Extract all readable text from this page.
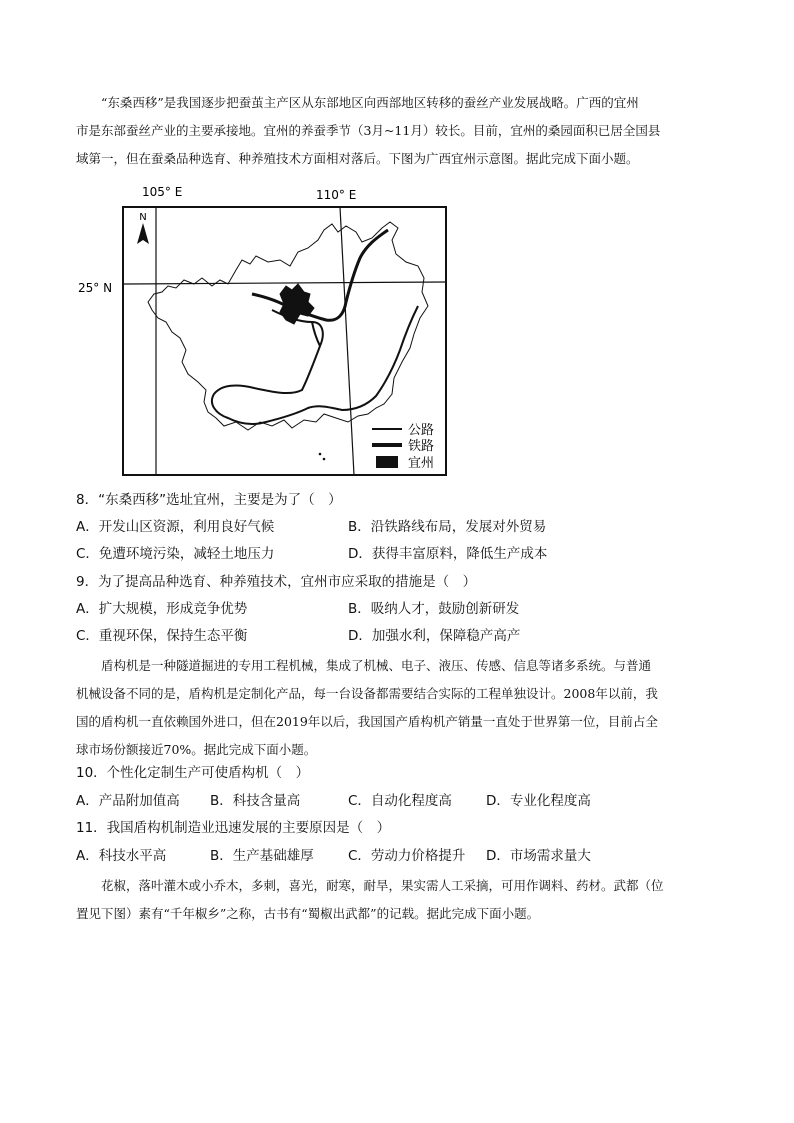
“东桑西移”是我国逐步把蚕茧主产区从东部地区向西部地区转移的蚕丝产业发展战略。广西的宜州
市是东部蚕丝产业的主要承接地。宜州的养蚕季节（3月~11月）较长。目前，宜州的桑园面积已居全国县
域第一，但在蚕桑品种选育、种养殖技术方面相对落后。下图为广西宜州示意图。据此完成下面小题。
N
105° E	110° E
25° N
公路
铁路
宜州
8．“东桑西移”选址宜州，主要是为了（　）
A．开发山区资源，利用良好气候	B．沿铁路线布局，发展对外贸易
C．免遭环境污染，减轻土地压力	D．获得丰富原料，降低生产成本
9．为了提高品种选育、种养殖技术，宜州市应采取的措施是（　）
A．扩大规模，形成竞争优势	B．吸纳人才，鼓励创新研发
C．重视环保，保持生态平衡	D．加强水利，保障稳产高产
盾构机是一种隧道掘进的专用工程机械，集成了机械、电子、液压、传感、信息等诸多系统。与普通
机械设备不同的是，盾构机是定制化产品，每一台设备都需要结合实际的工程单独设计。2008年以前，我
国的盾构机一直依赖国外进口，但在2019年以后，我国国产盾构机产销量一直处于世界第一位，目前占全
球市场份额接近70%。据此完成下面小题。
10．个性化定制生产可使盾构机（　）
A．产品附加值高 B．科技含量高	C．自动化程度高	D．专业化程度高
11．我国盾构机制造业迅速发展的主要原因是（　）
A．科技水平高	B．生产基础雄厚	C．劳动力价格提升 D．市场需求量大
花椒，落叶灌木或小乔木，多刺，喜光，耐寒，耐旱，果实需人工采摘，可用作调料、药材。武都（位
置见下图）素有“千年椒乡”之称，古书有“蜀椒出武都”的记载。据此完成下面小题。
